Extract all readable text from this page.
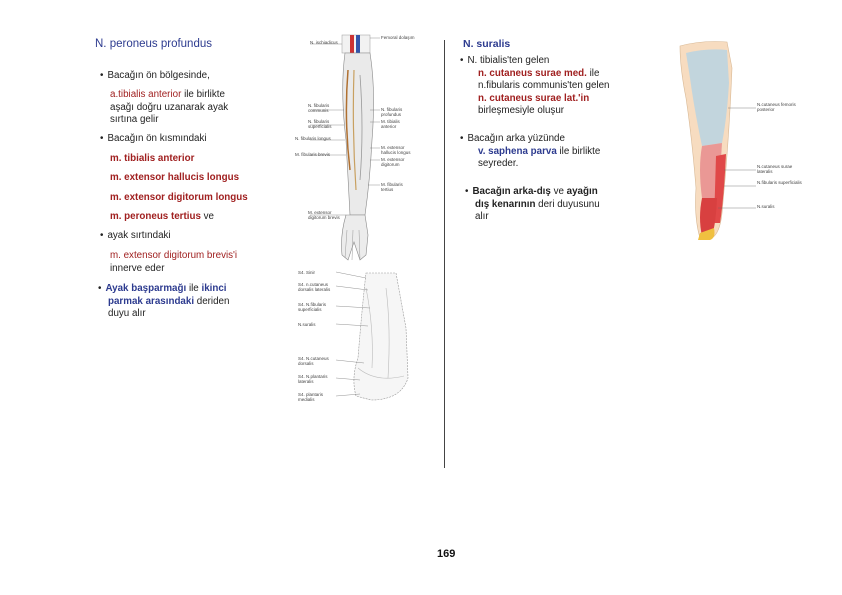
N. peroneus profundus	N. suralis
• Bacağın ön bölgesinde,
a.tibialis anterior ile birlikte
aşağı doğru uzanarak ayak
sırtına gelir
• Bacağın ön kısmındaki
m. tibialis anterior
m. extensor hallucis longus
m. extensor digitorum longus
m. peroneus tertius ve
• ayak sırtındaki
m. extensor digitorum brevis'i
innerve eder
• Ayak başparmağı ile ikinci
parmak arasındaki deriden
duyu alır
• N. tibialis'ten gelen
n. cutaneus surae med. ile
n.fibularis communis'ten gelen
n. cutaneus surae lat.'in
birleşmesiyle oluşur
• Bacağın arka yüzünde
v. saphena parva ile birlikte
seyreder.
• Bacağın arka-dış ve ayağın
dış kenarının deri duyusunu
alır
N. ischiadicus
N. fibularis communis
N. fibularis superficialis
N. fibularis longus
M. fibularis brevis
M. extensor digitorum brevis
Femoral dolaşım
N. fibularis profundus
M. tibialis anterior
M. extensor hallucis longus
M. extensor digitorum
M. fibularis tertius
S4. Sinir
S4. n.cutaneus dorsalis lateralis
S4. N.fibularis superficialis
N.suralis
S4. N.cutaneus dorsalis
S4. N.plantaris lateralis
S4. plantaris medialis
N.cutaneus femoris posterior
N.cutaneus surae lateralis
N.fibularis superficialis
N.suralis
169
